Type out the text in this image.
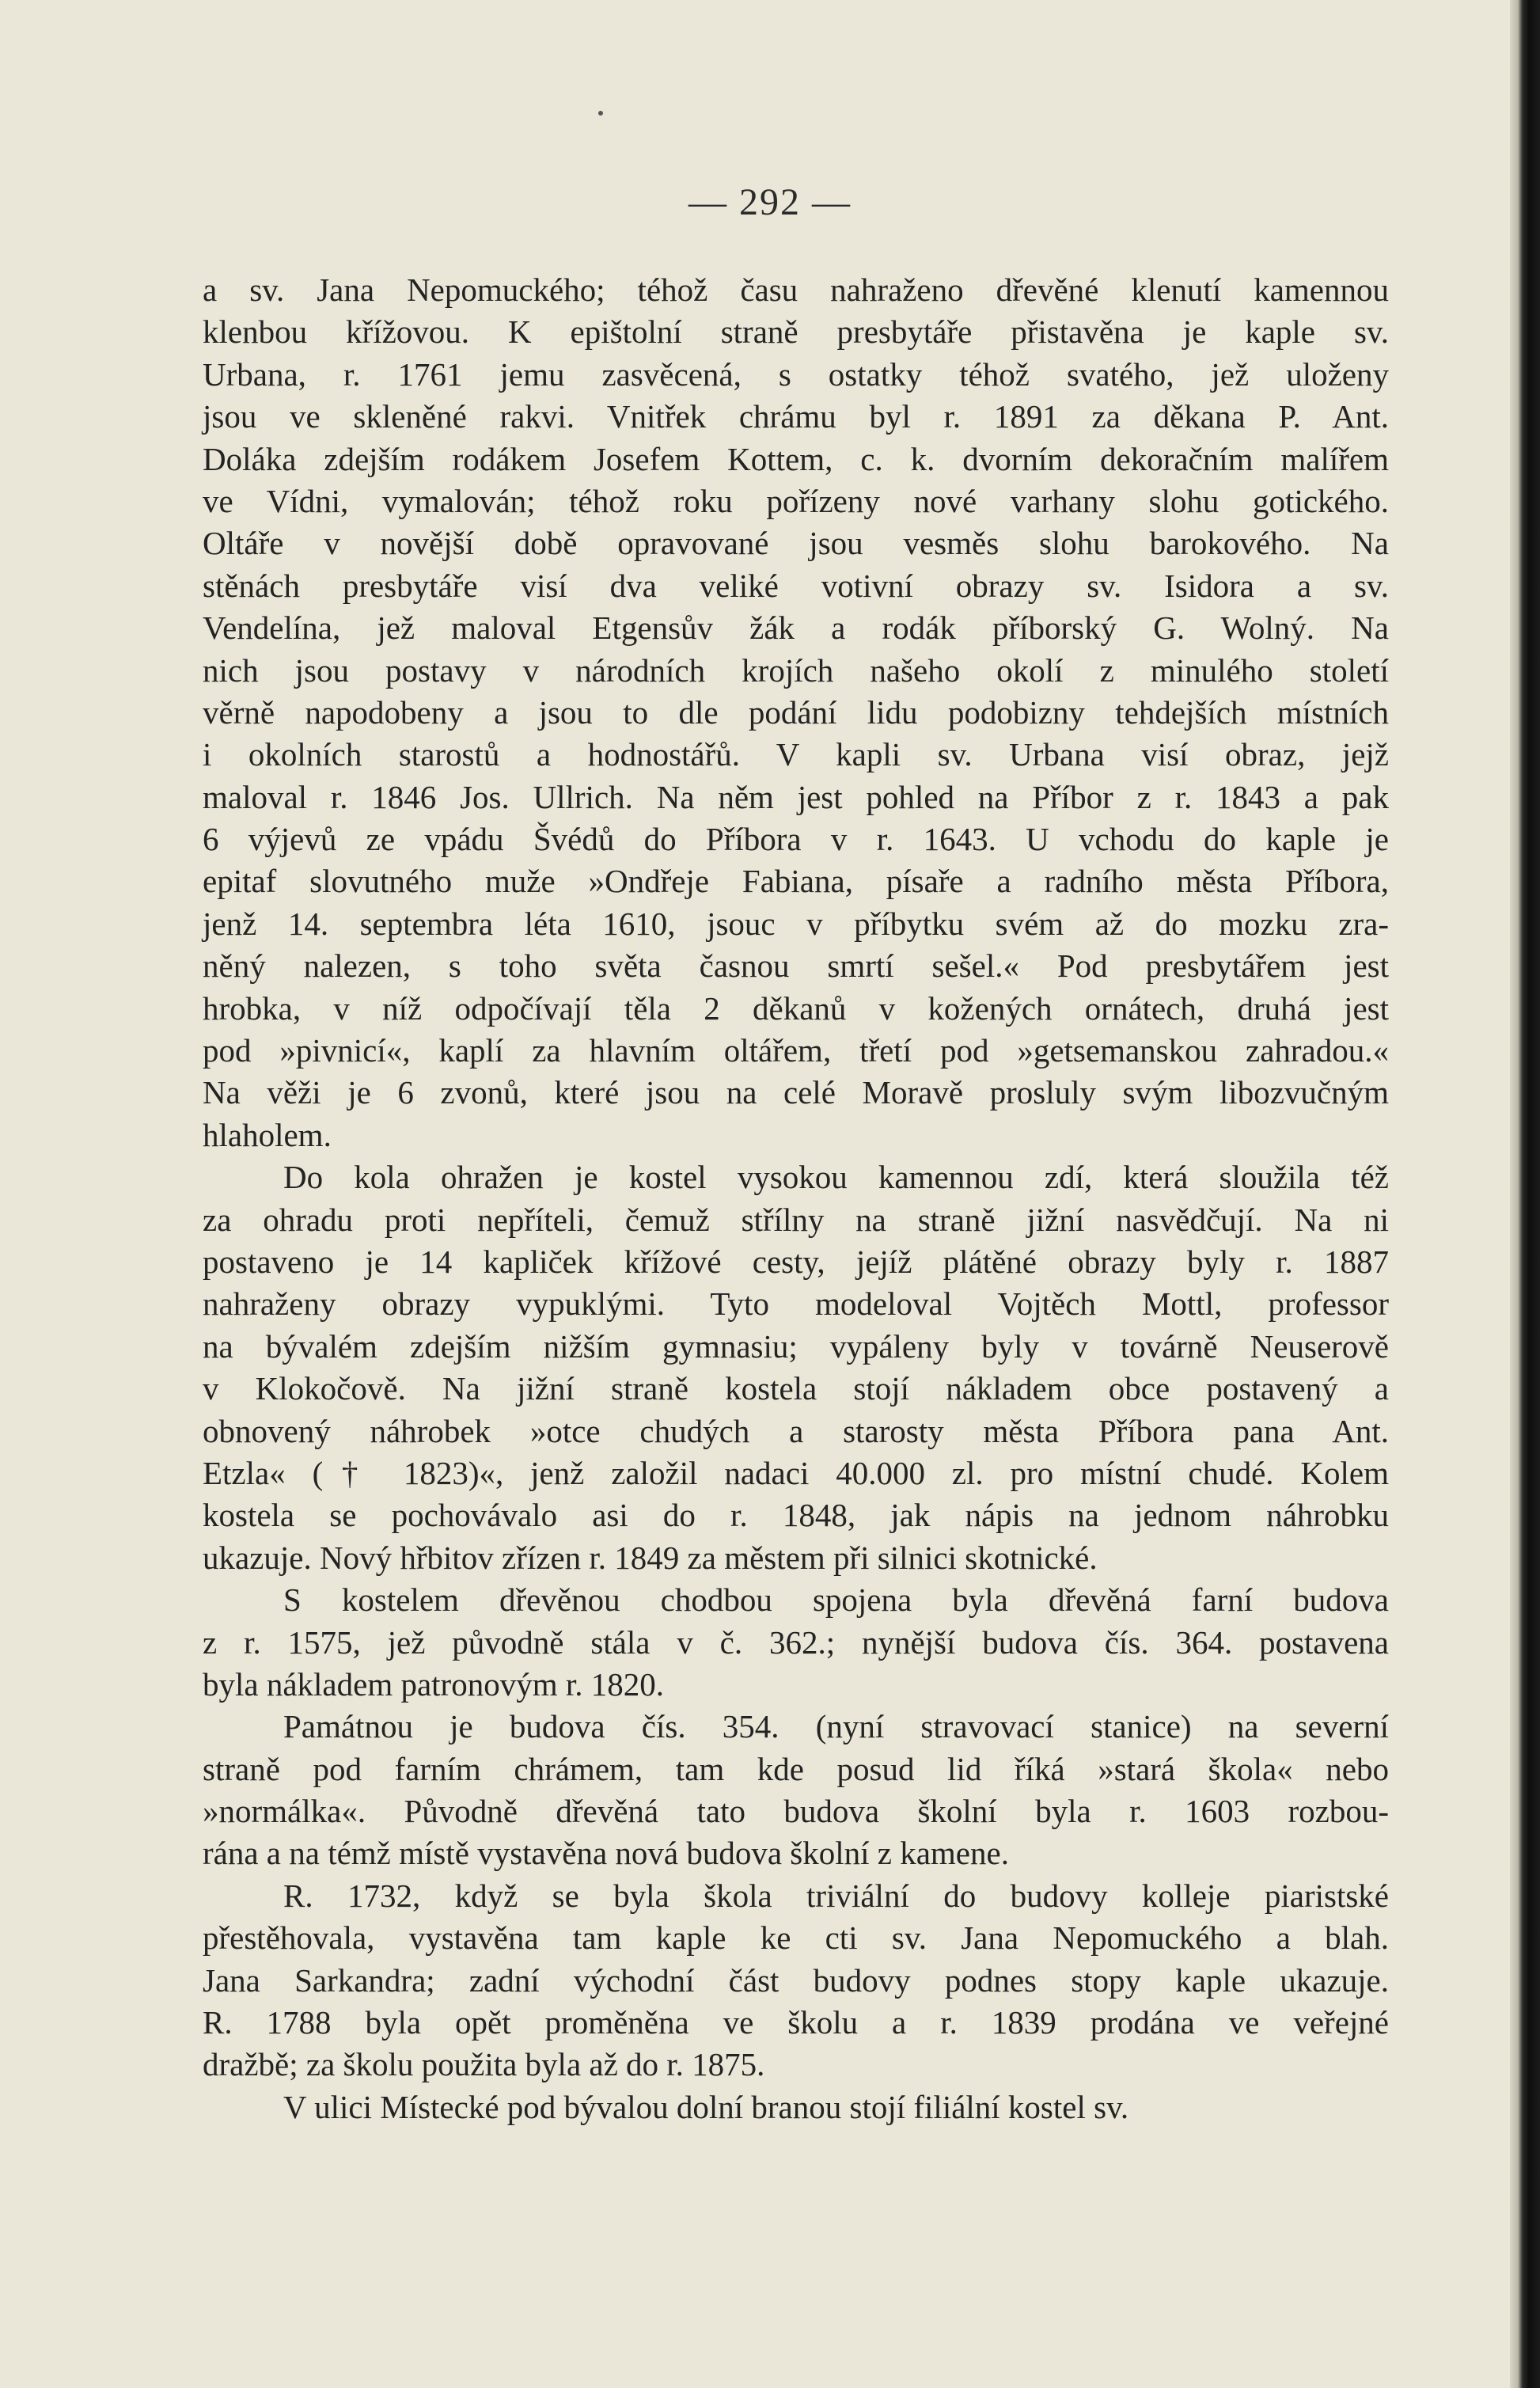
— 292 —
a sv. Jana Nepomuckého; téhož času nahraženo dřevěné klenutí kamennou
klenbou křížovou. K epištolní straně presbytáře přistavěna je kaple sv.
Urbana, r. 1761 jemu zasvěcená, s ostatky téhož svatého, jež uloženy
jsou ve skleněné rakvi. Vnitřek chrámu byl r. 1891 za děkana P. Ant.
Doláka zdejším rodákem Josefem Kottem, c. k. dvorním dekoračním malířem
ve Vídni, vymalován; téhož roku pořízeny nové varhany slohu gotického.
Oltáře v novější době opravované jsou vesměs slohu barokového. Na
stěnách presbytáře visí dva veliké votivní obrazy sv. Isidora a sv.
Vendelína, jež maloval Etgensův žák a rodák příborský G. Wolný. Na
nich jsou postavy v národních krojích našeho okolí z minulého století
věrně napodobeny a jsou to dle podání lidu podobizny tehdejších místních
i okolních starostů a hodnostářů. V kapli sv. Urbana visí obraz, jejž
maloval r. 1846 Jos. Ullrich. Na něm jest pohled na Příbor z r. 1843 a pak
6 výjevů ze vpádu Švédů do Příbora v r. 1643. U vchodu do kaple je
epitaf slovutného muže »Ondřeje Fabiana, písaře a radního města Příbora,
jenž 14. septembra léta 1610, jsouc v příbytku svém až do mozku zra-
něný nalezen, s toho světa časnou smrtí sešel.« Pod presbytářem jest
hrobka, v níž odpočívají těla 2 děkanů v kožených ornátech, druhá jest
pod »pivnicí«, kaplí za hlavním oltářem, třetí pod »getsemanskou zahradou.«
Na věži je 6 zvonů, které jsou na celé Moravě prosluly svým libozvučným
hlaholem.
Do kola ohražen je kostel vysokou kamennou zdí, která sloužila též
za ohradu proti nepříteli, čemuž střílny na straně jižní nasvědčují. Na ni
postaveno je 14 kapliček křížové cesty, jejíž plátěné obrazy byly r. 1887
nahraženy obrazy vypuklými. Tyto modeloval Vojtěch Mottl, professor
na bývalém zdejším nižším gymnasiu; vypáleny byly v továrně Neuserově
v Klokočově. Na jižní straně kostela stojí nákladem obce postavený a
obnovený náhrobek »otce chudých a starosty města Příbora pana Ant.
Etzla« († 1823)«, jenž založil nadaci 40.000 zl. pro místní chudé. Kolem
kostela se pochovávalo asi do r. 1848, jak nápis na jednom náhrobku
ukazuje. Nový hřbitov zřízen r. 1849 za městem při silnici skotnické.
S kostelem dřevěnou chodbou spojena byla dřevěná farní budova
z r. 1575, jež původně stála v č. 362.; nynější budova čís. 364. postavena
byla nákladem patronovým r. 1820.
Památnou je budova čís. 354. (nyní stravovací stanice) na severní
straně pod farním chrámem, tam kde posud lid říká »stará škola« nebo
»normálka«. Původně dřevěná tato budova školní byla r. 1603 rozbou-
rána a na témž místě vystavěna nová budova školní z kamene.
R. 1732, když se byla škola triviální do budovy kolleje piaristské
přestěhovala, vystavěna tam kaple ke cti sv. Jana Nepomuckého a blah.
Jana Sarkandra; zadní východní část budovy podnes stopy kaple ukazuje.
R. 1788 byla opět proměněna ve školu a r. 1839 prodána ve veřejné
dražbě; za školu použita byla až do r. 1875.
V ulici Místecké pod bývalou dolní branou stojí filiální kostel sv.
